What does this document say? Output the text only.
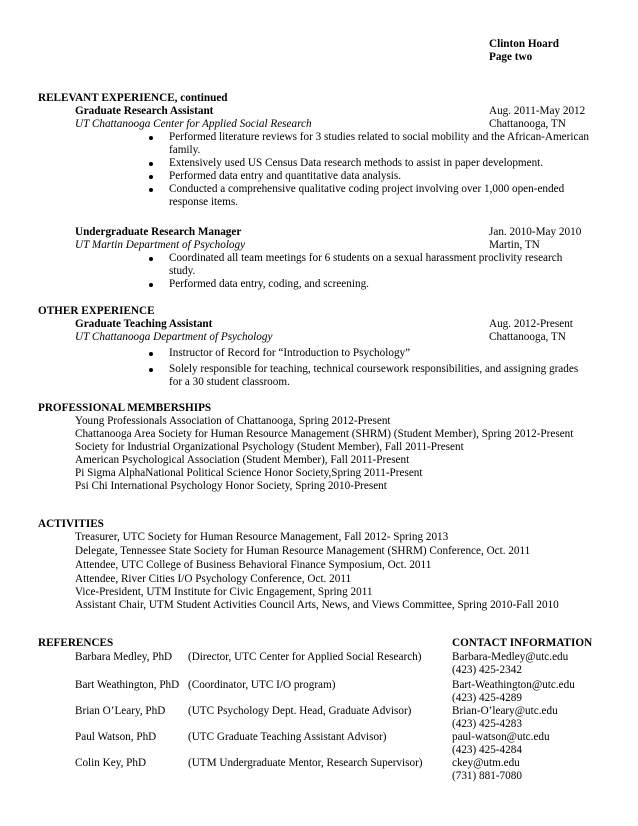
Clinton Hoard
Page two
RELEVANT EXPERIENCE, continued
Graduate Research Assistant	Aug. 2011-May 2012
UT Chattanooga Center for Applied Social Research	Chattanooga, TN
Performed literature reviews for 3 studies related to social mobility and the African-American
family.
Extensively used US Census Data research methods to assist in paper development.
Performed data entry and quantitative data analysis.
Conducted a comprehensive qualitative coding project involving over 1,000 open-ended
response items.
Undergraduate Research Manager	Jan. 2010-May 2010
UT Martin Department of Psychology	Martin, TN
Coordinated all team meetings for 6 students on a sexual harassment proclivity research
study.
Performed data entry, coding, and screening.
OTHER EXPERIENCE
Graduate Teaching Assistant	Aug. 2012-Present
UT Chattanooga Department of Psychology	Chattanooga, TN
Instructor of Record for “Introduction to Psychology”
Solely responsible for teaching, technical coursework responsibilities, and assigning grades
for a 30 student classroom.
PROFESSIONAL MEMBERSHIPS
Young Professionals Association of Chattanooga, Spring 2012-Present
Chattanooga Area Society for Human Resource Management (SHRM) (Student Member), Spring 2012-Present
Society for Industrial Organizational Psychology (Student Member), Fall 2011-Present
American Psychological Association (Student Member), Fall 2011-Present
Pi Sigma AlphaNational Political Science Honor Society,Spring 2011-Present
Psi Chi International Psychology Honor Society, Spring 2010-Present
ACTIVITIES
Treasurer, UTC Society for Human Resource Management, Fall 2012- Spring 2013
Delegate, Tennessee State Society for Human Resource Management (SHRM) Conference, Oct. 2011
Attendee, UTC College of Business Behavioral Finance Symposium, Oct. 2011
Attendee, River Cities I/O Psychology Conference, Oct. 2011
Vice-President, UTM Institute for Civic Engagement, Spring 2011
Assistant Chair, UTM Student Activities Council Arts, News, and Views Committee, Spring 2010-Fall 2010
REFERENCES	CONTACT INFORMATION
Barbara Medley, PhD (Director, UTC Center for Applied Social Research)	Barbara-Medley@utc.edu
(423) 425-2342
Bart Weathington, PhD (Coordinator, UTC I/O program)	Bart-Weathington@utc.edu
(423) 425-4289
Brian O’Leary, PhD (UTC Psychology Dept. Head, Graduate Advisor)	Brian-O’leary@utc.edu
(423) 425-4283
Paul Watson, PhD	(UTC Graduate Teaching Assistant Advisor)	paul-watson@utc.edu
(423) 425-4284
Colin Key, PhD	(UTM Undergraduate Mentor, Research Supervisor)	ckey@utm.edu
(731) 881-7080
